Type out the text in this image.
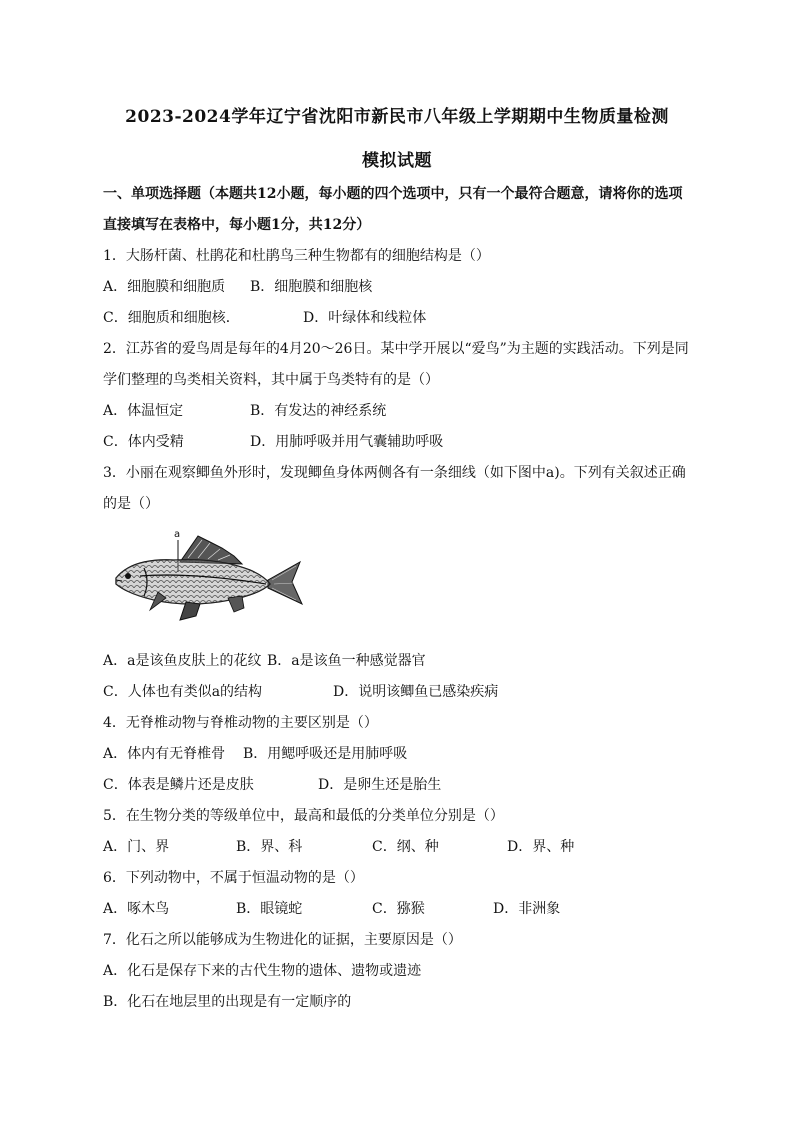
2023-2024学年辽宁省沈阳市新民市八年级上学期期中生物质量检测
模拟试题
一、单项选择题（本题共12小题，每小题的四个选项中，只有一个最符合题意，请将你的选项
直接填写在表格中，每小题1分，共12分）
1．大肠杆菌、杜鹃花和杜鹃鸟三种生物都有的细胞结构是（）
A．细胞膜和细胞质 B．细胞膜和细胞核
C．细胞质和细胞核．	D．叶绿体和线粒体
2．江苏省的爱鸟周是每年的4月20～26日。某中学开展以“爱鸟”为主题的实践活动。下列是同
学们整理的鸟类相关资料，其中属于鸟类特有的是（）
A．体温恒定	B．有发达的神经系统
C．体内受精	D．用肺呼吸并用气囊辅助呼吸
3．小丽在观察鲫鱼外形时，发现鲫鱼身体两侧各有一条细线（如下图中a)。下列有关叙述正确
的是（）
a
A．a是该鱼皮肤上的花纹 B．a是该鱼一种感觉器官
C．人体也有类似a的结构	D．说明该鲫鱼已感染疾病
4．无脊椎动物与脊椎动物的主要区别是（）
A．体内有无脊椎骨 B．用鳃呼吸还是用肺呼吸
C．体表是鳞片还是皮肤	D．是卵生还是胎生
5．在生物分类的等级单位中，最高和最低的分类单位分别是（）
A．门、界	B．界、科	C．纲、种	D．界、种
6．下列动物中，不属于恒温动物的是（）
A．啄木鸟	B．眼镜蛇	C．猕猴	D．非洲象
7．化石之所以能够成为生物进化的证据，主要原因是（）
A．化石是保存下来的古代生物的遗体、遗物或遗迹
B．化石在地层里的出现是有一定顺序的
